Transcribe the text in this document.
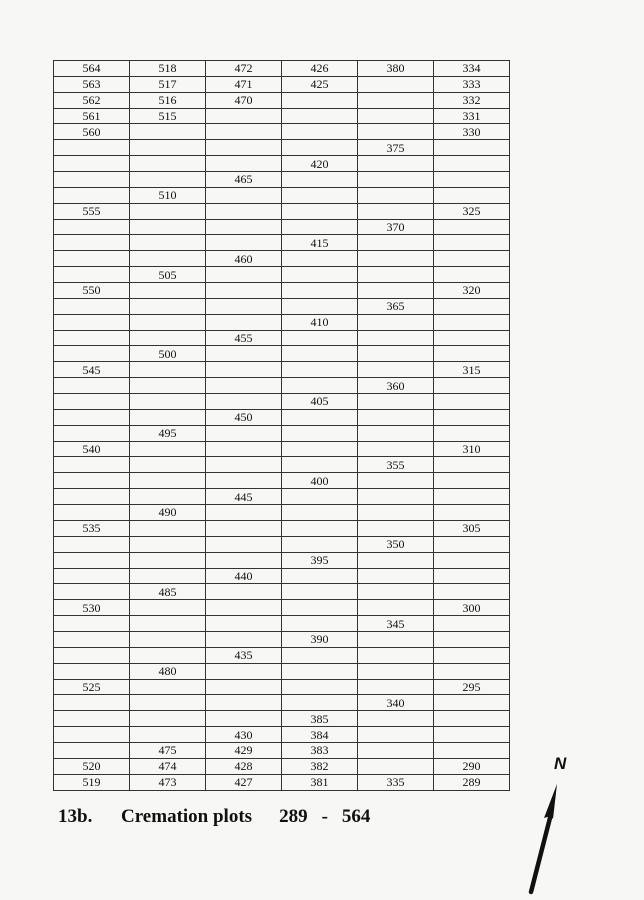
564	518	472	426	380	334
563	517	471	425		333
562	516	470			332
561	515				331
560					330
				375	
			420		
		465			
	510				
555					325
				370	
			415		
		460			
	505				
550					320
				365	
			410		
		455			
	500				
545					315
				360	
			405		
		450			
	495				
540					310
				355	
			400		
		445			
	490				
535					305
				350	
			395		
		440			
	485				
530					300
				345	
			390		
		435			
	480				
525					295
				340	
			385		
		430	384		
	475	429	383		
520	474	428	382		290
519	473	427	381	335	289
13b. Cremation plots 289 - 564
N
